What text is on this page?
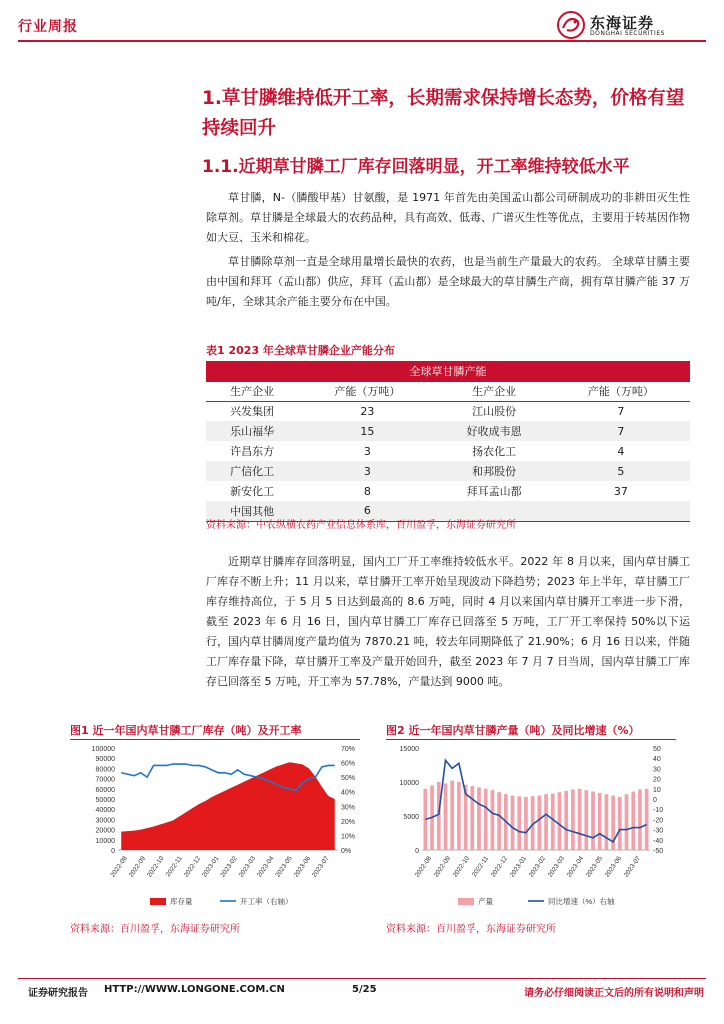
行业周报	东海证券
DONGHAI SECURITIES
1.草甘膦维持低开工率，长期需求保持增长态势，价格有望持续回升
1.1.近期草甘膦工厂库存回落明显，开工率维持较低水平

草甘膦，N-（膦酸甲基）甘氨酸，是 1971 年首先由美国孟山都公司研制成功的非耕田灭生性除草剂。草甘膦是全球最大的农药品种，具有高效、低毒、广谱灭生性等优点，主要用于转基因作物如大豆、玉米和棉花。

草甘膦除草剂一直是全球用量增长最快的农药，也是当前生产量最大的农药。 全球草甘膦主要由中国和拜耳（孟山都）供应，拜耳（孟山都）是全球最大的草甘膦生产商，拥有草甘膦产能 37 万吨/年，全球其余产能主要分布在中国。

表1 2023 年全球草甘膦企业产能分布
全球草甘膦产能			
生产企业	产能（万吨）	生产企业	产能（万吨）
兴发集团	23	江山股份	7
乐山福华	15	好收成韦恩	7
许昌东方	3	扬农化工	4
广信化工	3	和邦股份	5
新安化工	8	拜耳孟山都	37
中国其他	6		
资料来源：中农纵横农药产业信息体系库，百川盈孚，东海证券研究所

近期草甘膦库存回落明显，国内工厂开工率维持较低水平。2022 年 8 月以来，国内草甘膦工厂库存不断上升；11 月以来，草甘膦开工率开始呈现波动下降趋势；2023 年上半年，草甘膦工厂库存维持高位，于 5 月 5 日达到最高的 8.6 万吨，同时 4 月以来国内草甘膦开工率进一步下滑， 截至 2023 年 6 月 16 日，国内草甘膦工厂库存已回落至 5 万吨，工厂开工率保持 50%以下运行，国内草甘膦周度产量均值为 7870.21 吨，较去年同期降低了 21.90%；6 月 16 日以来，伴随工厂库存量下降，草甘膦开工率及产量开始回升，截至 2023 年 7 月 7 日当周，国内草甘膦工厂库存已回落至 5 万吨，开工率为 57.78%，产量达到 9000 吨。

图1 近一年国内草甘膦工厂库存（吨）及开工率	图2 近一年国内草甘膦产量（吨）及同比增速（%）
100000
90000
80000
70000
60000
50000
40000
30000
20000
10000
0
70%
60%
50%
40%
30%
20%
10%
0%
2022-08
2022-09
2022-10 2022-11
2022-12
2023-01
2023-02
2023-03
2023-04
2023-05
2023-06
2023-07
库存量	开工率（右轴）
15000
10000
5000
0
50
40
30
20
10
0
-10
-20
-30
-40
-50
2022-08 2022-09 2022-10 2022-11 2022-12 2023-01 2023-02 2023-03 2023-04 2023-05 2023-06 2023-07
产量	同比增速（%）右轴
资料来源：百川盈孚，东海证券研究所	资料来源：百川盈孚，东海证券研究所
证券研究报告 HTTP://WWW.LONGONE.COM.CN	5/25	请务必仔细阅读正文后的所有说明和声明
